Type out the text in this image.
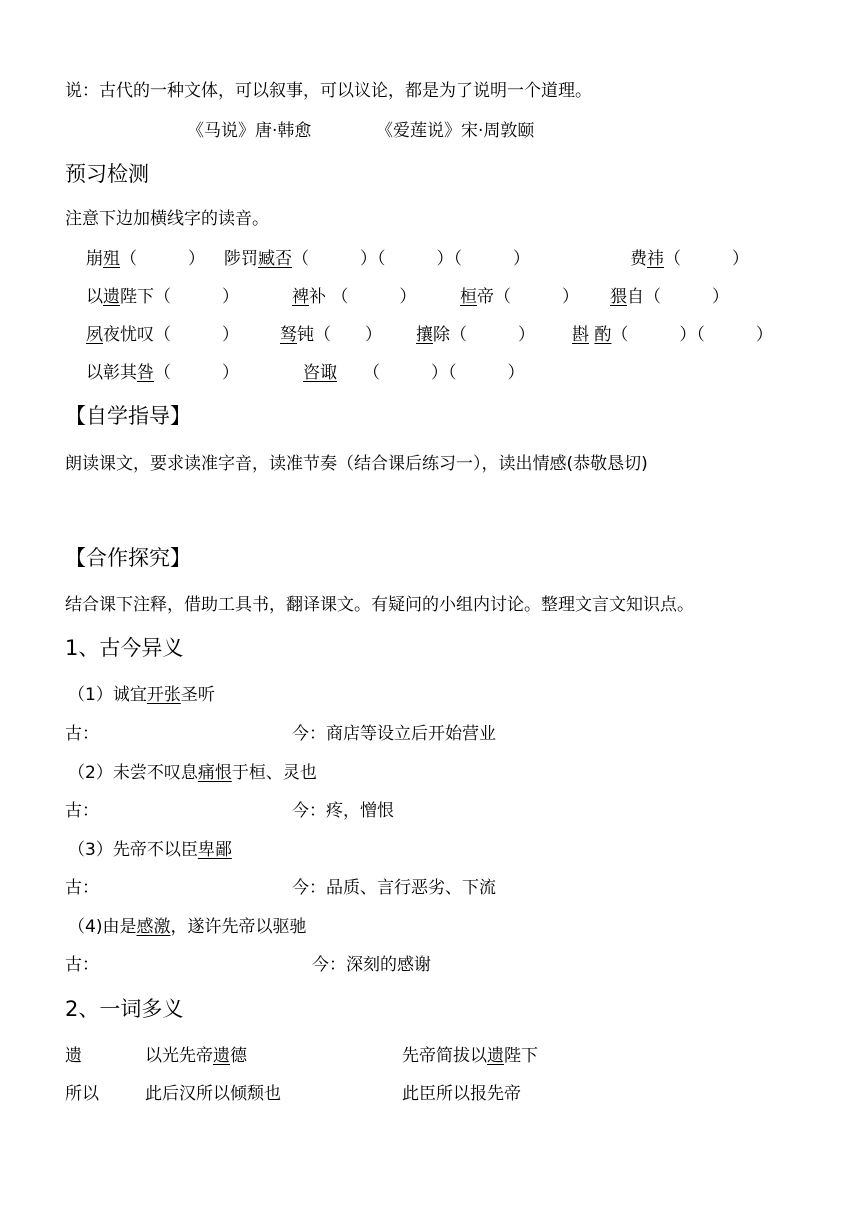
说：古代的一种文体，可以叙事，可以议论，都是为了说明一个道理。
《马说》唐·韩愈	《爱莲说》宋·周敦颐
预习检测
注意下边加横线字的读音。
崩殂（　　　） 陟罚臧否（　　　）（　　　）（　　　）	费祎（　　　）
以遗陛下（　　　）	裨补 （　　　）	桓帝（　　　） 猥自（　　　）
夙夜忧叹（　　　） 驽钝（　　） 攘除（　　　） 斟 酌（　　　）（　　　）
以彰其咎（　　　）	咨诹 （　　　）（　　　）
【自学指导】
朗读课文，要求读准字音，读准节奏（结合课后练习一），读出情感(恭敬恳切)
【合作探究】
结合课下注释，借助工具书，翻译课文。有疑问的小组内讨论。整理文言文知识点。
1、古今异义
（1）诚宜开张圣听
古：	今：商店等设立后开始营业
（2）未尝不叹息痛恨于桓、灵也
古：	今：疼，憎恨
（3）先帝不以臣卑鄙
古：	今：品质、言行恶劣、下流
（4)由是感激，遂许先帝以驱驰
古：	今：深刻的感谢
2、一词多义
遗	以光先帝遗德	先帝简拔以遗陛下
所以	此后汉所以倾颓也	此臣所以报先帝
